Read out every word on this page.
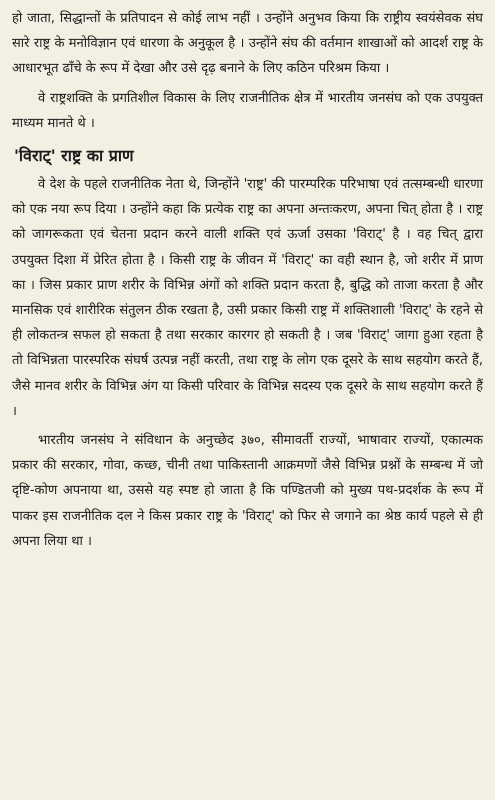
हो जाता, सिद्धान्तों के प्रतिपादन से कोई लाभ नहीं । उन्होंने अनुभव किया कि राष्ट्रीय स्वयंसेवक संघ सारे राष्ट्र के मनोविज्ञान एवं धारणा के अनुकूल है । उन्होंने संघ की वर्तमान शाखाओं को आदर्श राष्ट्र के आधारभूत ढाँचे के रूप में देखा और उसे दृढ़ बनाने के लिए कठिन परिश्रम किया ।

वे राष्ट्रशक्ति के प्रगतिशील विकास के लिए राजनीतिक क्षेत्र में भारतीय जनसंघ को एक उपयुक्त माध्यम मानते थे ।

'विराट्' राष्ट्र का प्राण

वे देश के पहले राजनीतिक नेता थे, जिन्होंने 'राष्ट्र' की पारम्परिक परिभाषा एवं तत्सम्बन्धी धारणा को एक नया रूप दिया । उन्होंने कहा कि प्रत्येक राष्ट्र का अपना अन्तःकरण, अपना चित् होता है । राष्ट्र को जागरूकता एवं चेतना प्रदान करने वाली शक्ति एवं ऊर्जा उसका 'विराट्' है । वह चित् द्वारा उपयुक्त दिशा में प्रेरित होता है । किसी राष्ट्र के जीवन में 'विराट्' का वही स्थान है, जो शरीर में प्राण का । जिस प्रकार प्राण शरीर के विभिन्न अंगों को शक्ति प्रदान करता है, बुद्धि को ताजा करता है और मानसिक एवं शारीरिक संतुलन ठीक रखता है, उसी प्रकार किसी राष्ट्र में शक्तिशाली 'विराट्' के रहने से ही लोकतन्त्र सफल हो सकता है तथा सरकार कारगर हो सकती है । जब 'विराट्' जागा हुआ रहता है तो विभिन्नता पारस्परिक संघर्ष उत्पन्न नहीं करती, तथा राष्ट्र के लोग एक दूसरे के साथ सहयोग करते हैं, जैसे मानव शरीर के विभिन्न अंग या किसी परिवार के विभिन्न सदस्य एक दूसरे के साथ सहयोग करते हैं ।

भारतीय जनसंघ ने संविधान के अनुच्छेद ३७०, सीमावर्ती राज्यों, भाषावार राज्यों, एकात्मक प्रकार की सरकार, गोवा, कच्छ, चीनी तथा पाकिस्तानी आक्रमणों जैसे विभिन्न प्रश्नों के सम्बन्ध में जो दृष्टि-कोण अपनाया था, उससे यह स्पष्ट हो जाता है कि पण्डितजी को मुख्य पथ-प्रदर्शक के रूप में पाकर इस राजनीतिक दल ने किस प्रकार राष्ट्र के 'विराट्' को फिर से जगाने का श्रेष्ठ कार्य पहले से ही अपना लिया था ।
